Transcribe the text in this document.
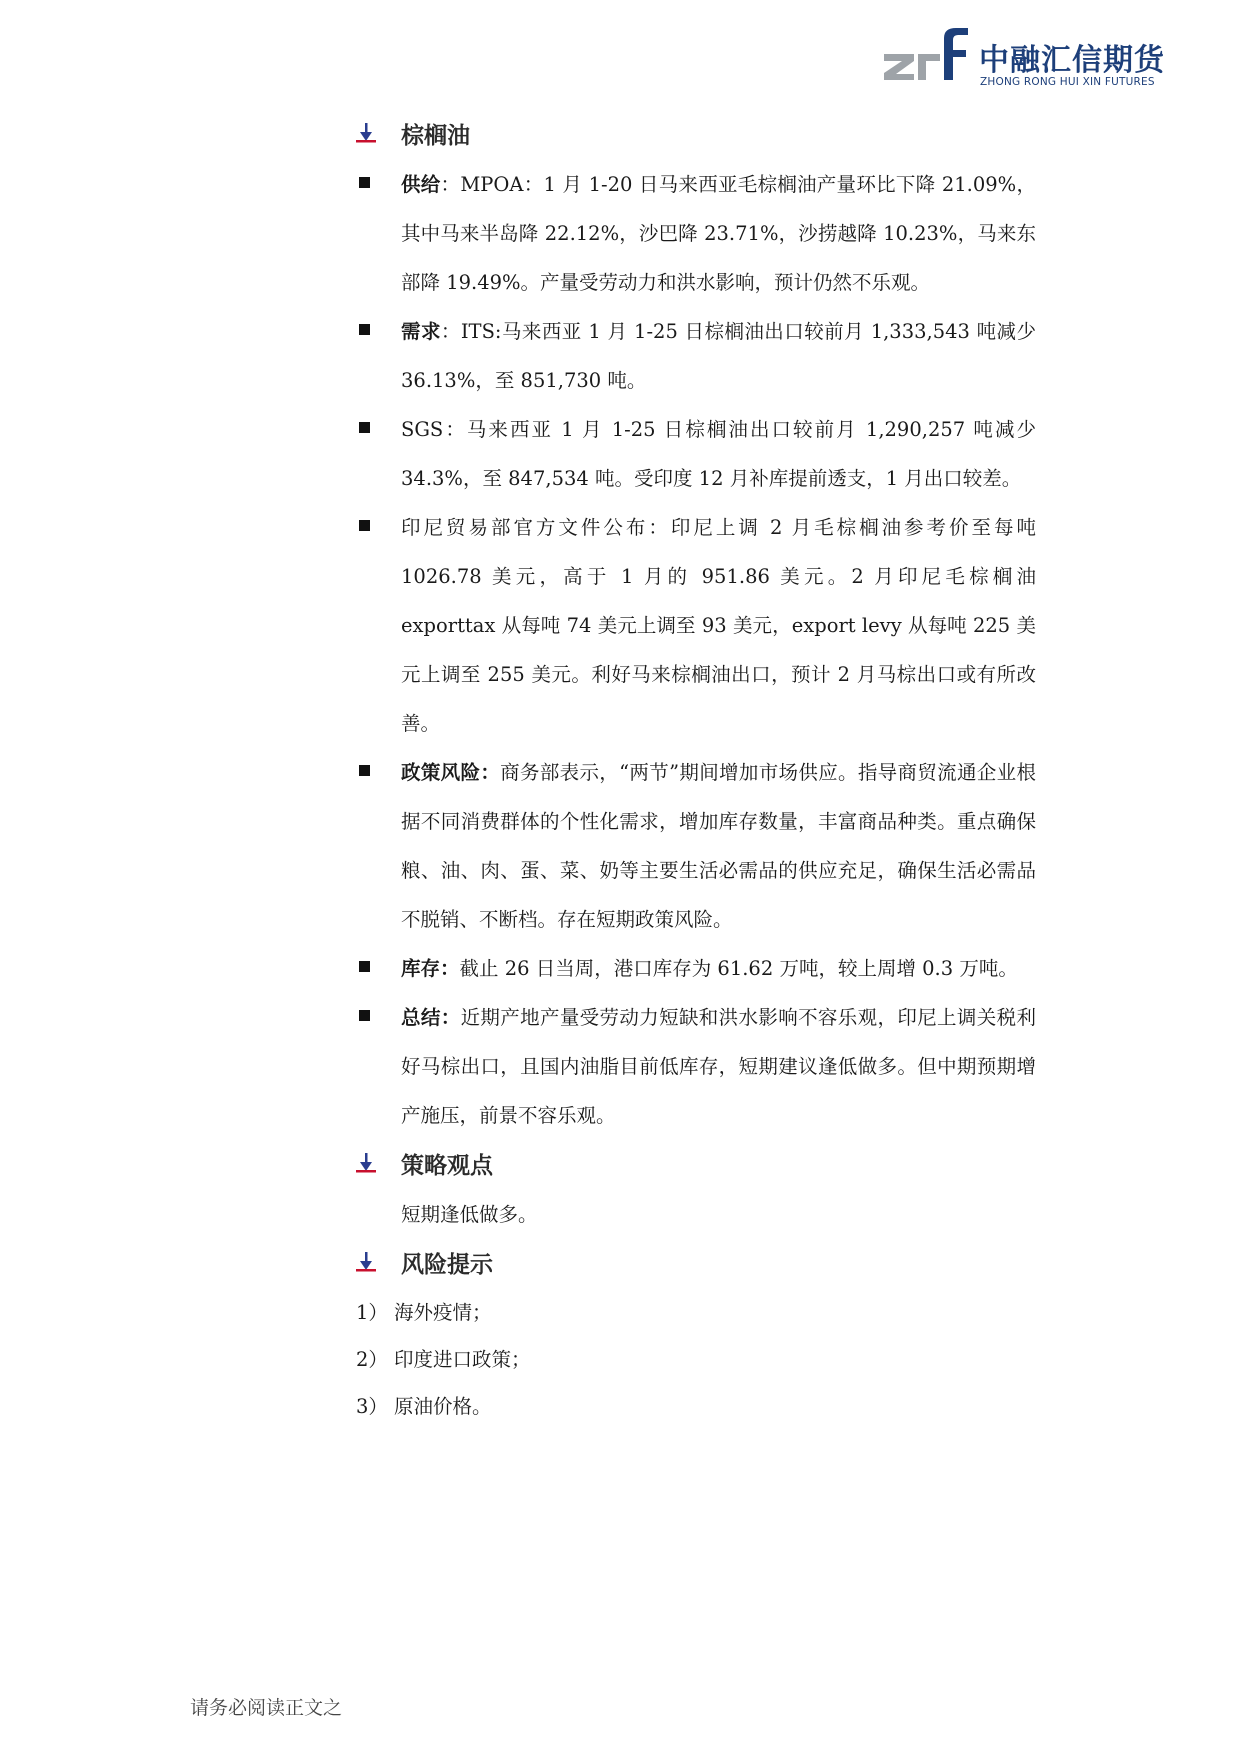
中融汇信期货
ZHONG RONG HUI XIN FUTURES
棕榈油

供给：MPOA：1 月 1-20 日马来西亚毛棕榈油产量环比下降 21.09%，其中马来半岛降 22.12%，沙巴降 23.71%，沙捞越降 10.23%，马来东部降 19.49%。产量受劳动力和洪水影响，预计仍然不乐观。

需求：ITS:马来西亚 1 月 1-25 日棕榈油出口较前月 1,333,543 吨减少 36.13%，至 851,730 吨。

SGS：马来西亚 1 月 1-25 日棕榈油出口较前月 1,290,257 吨减少 34.3%，至 847,534 吨。受印度 12 月补库提前透支，1 月出口较差。

印尼贸易部官方文件公布：印尼上调 2 月毛棕榈油参考价至每吨 1026.78 美元，高于 1 月的 951.86 美元。2 月印尼毛棕榈油 exporttax 从每吨 74 美元上调至 93 美元，export levy 从每吨 225 美元上调至 255 美元。利好马来棕榈油出口，预计 2 月马棕出口或有所改善。

政策风险：商务部表示，“两节”期间增加市场供应。指导商贸流通企业根据不同消费群体的个性化需求，增加库存数量，丰富商品种类。重点确保粮、油、肉、蛋、菜、奶等主要生活必需品的供应充足，确保生活必需品不脱销、不断档。存在短期政策风险。

库存：截止 26 日当周，港口库存为 61.62 万吨，较上周增 0.3 万吨。

总结：近期产地产量受劳动力短缺和洪水影响不容乐观，印尼上调关税利好马棕出口，且国内油脂目前低库存，短期建议逢低做多。但中期预期增产施压，前景不容乐观。

策略观点

短期逢低做多。

风险提示

1） 海外疫情；

2） 印度进口政策；

3） 原油价格。

请务必阅读正文之
